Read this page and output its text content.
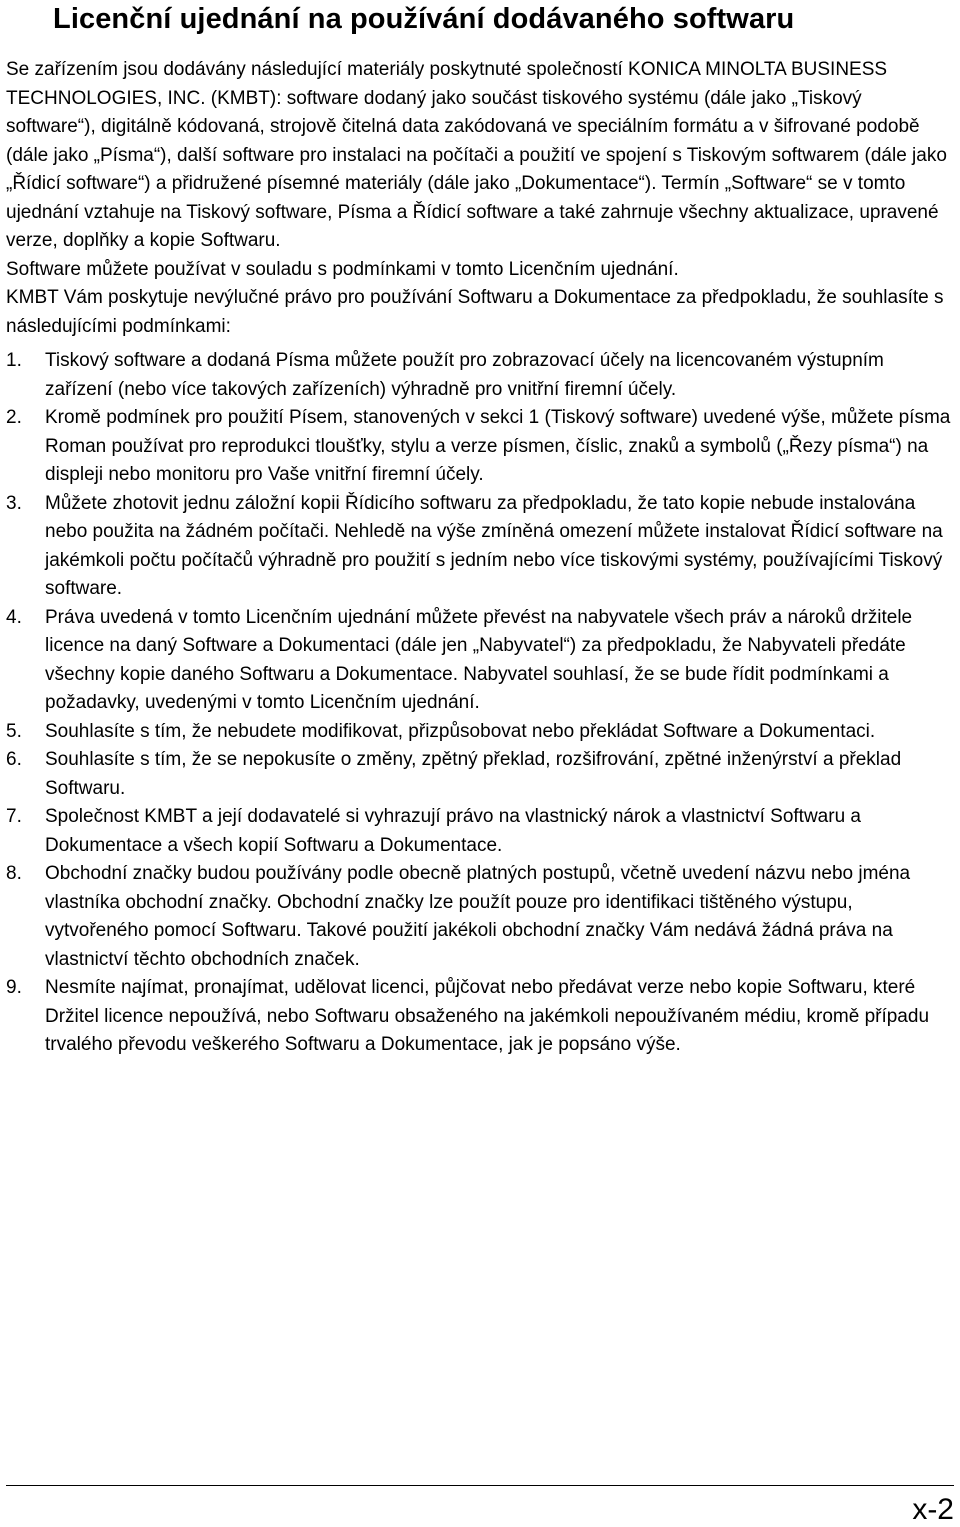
Licenční ujednání na používání dodávaného softwaru

Se zařízením jsou dodávány následující materiály poskytnuté společností KONICA MINOLTA BUSINESS TECHNOLOGIES, INC. (KMBT): software dodaný jako součást tiskového systému (dále jako „Tiskový software“), digitálně kódovaná, strojově čitelná data zakódovaná ve speciálním formátu a v šifrované podobě (dále jako „Písma“), další software pro instalaci na počítači a použití ve spojení s Tiskovým softwarem (dále jako „Řídicí software“) a přidružené písemné materiály (dále jako „Dokumentace“). Termín „Software“ se v tomto ujednání vztahuje na Tiskový software, Písma a Řídicí software a také zahrnuje všechny aktualizace, upravené verze, doplňky a kopie Softwaru.

Software můžete používat v souladu s podmínkami v tomto Licenčním ujednání.

KMBT Vám poskytuje nevýlučné právo pro používání Softwaru a Dokumentace za předpokladu, že souhlasíte s následujícími podmínkami:

1.	Tiskový software a dodaná Písma můžete použít pro zobrazovací účely na licencovaném výstupním zařízení (nebo více takových zařízeních) výhradně pro vnitřní firemní účely.
2.	Kromě podmínek pro použití Písem, stanovených v sekci 1 (Tiskový software) uvedené výše, můžete písma Roman používat pro reprodukci tloušťky, stylu a verze písmen, číslic, znaků a symbolů („Řezy písma“) na displeji nebo monitoru pro Vaše vnitřní firemní účely.
3.	Můžete zhotovit jednu záložní kopii Řídicího softwaru za předpokladu, že tato kopie nebude instalována nebo použita na žádném počítači. Nehledě na výše zmíněná omezení můžete instalovat Řídicí software na jakémkoli počtu počítačů výhradně pro použití s jedním nebo více tiskovými systémy, používajícími Tiskový software.
4.	Práva uvedená v tomto Licenčním ujednání můžete převést na nabyvatele všech práv a nároků držitele licence na daný Software a Dokumentaci (dále jen „Nabyvatel“) za předpokladu, že Nabyvateli předáte všechny kopie daného Softwaru a Dokumentace. Nabyvatel souhlasí, že se bude řídit podmínkami a požadavky, uvedenými v tomto Licenčním ujednání.
5.	Souhlasíte s tím, že nebudete modifikovat, přizpůsobovat nebo překládat Software a Dokumentaci.
6.	Souhlasíte s tím, že se nepokusíte o změny, zpětný překlad, rozšifrování, zpětné inženýrství a překlad Softwaru.
7.	Společnost KMBT a její dodavatelé si vyhrazují právo na vlastnický nárok a vlastnictví Softwaru a Dokumentace a všech kopií Softwaru a Dokumentace.
8.	Obchodní značky budou používány podle obecně platných postupů, včetně uvedení názvu nebo jména vlastníka obchodní značky. Obchodní značky lze použít pouze pro identifikaci tištěného výstupu, vytvořeného pomocí Softwaru. Takové použití jakékoli obchodní značky Vám nedává žádná práva na vlastnictví těchto obchodních značek.
9.	Nesmíte najímat, pronajímat, udělovat licenci, půjčovat nebo předávat verze nebo kopie Softwaru, které Držitel licence nepoužívá, nebo Softwaru obsaženého na jakémkoli nepoužívaném médiu, kromě případu trvalého převodu veškerého Softwaru a Dokumentace, jak je popsáno výše.
x-2
